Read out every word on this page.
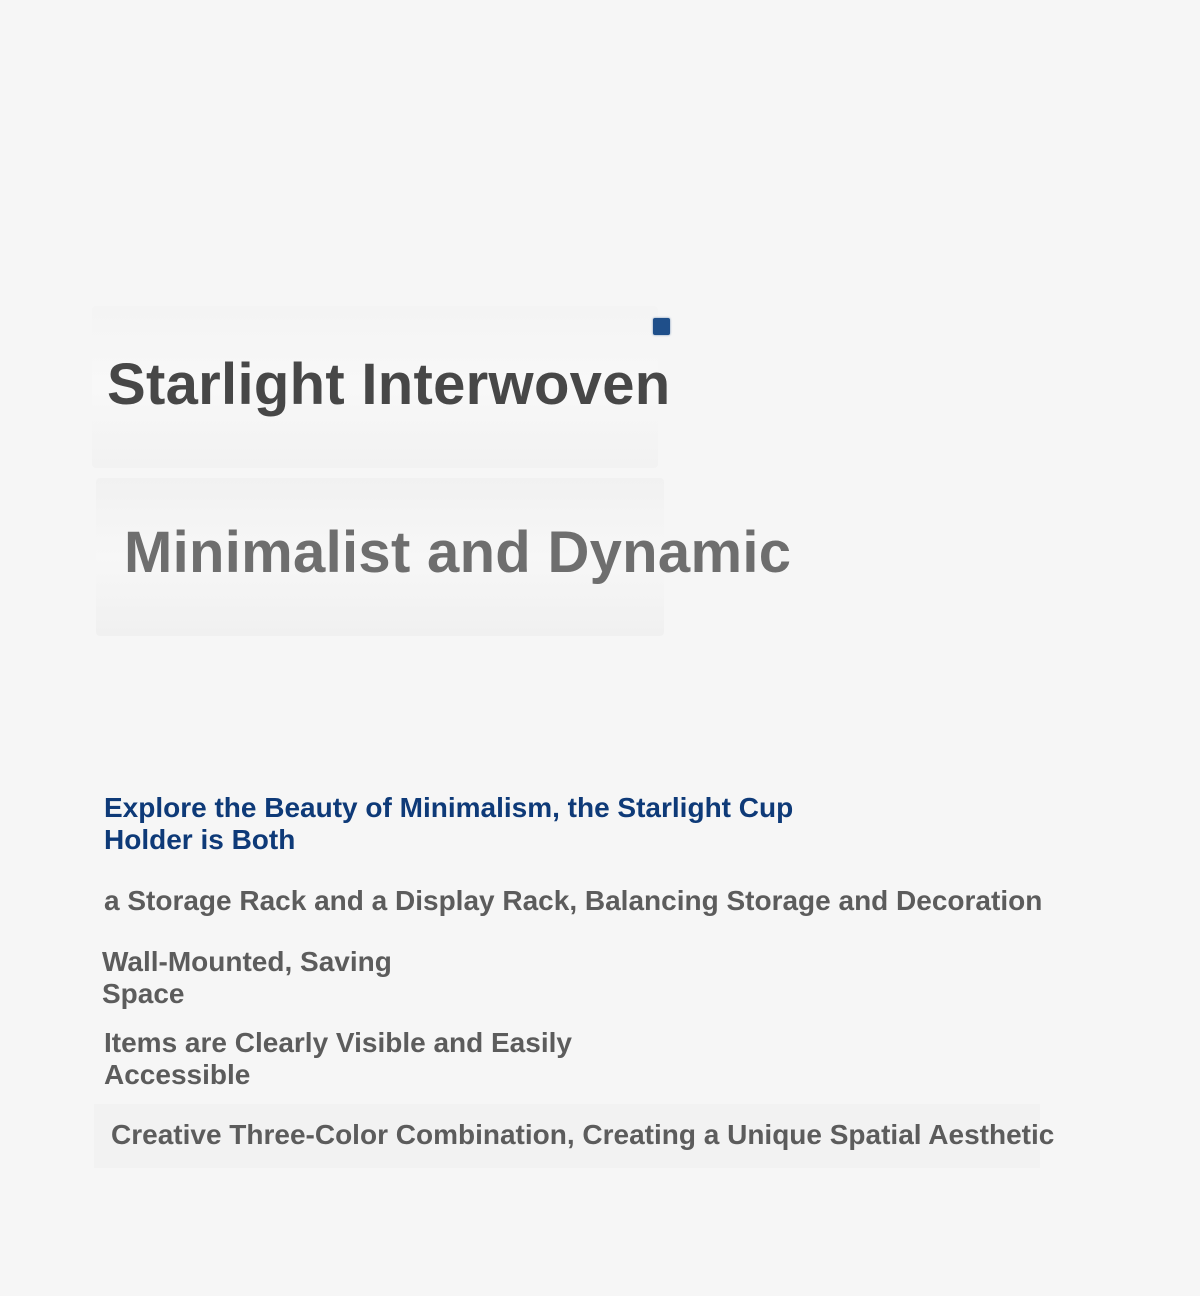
Starlight Interwoven
Minimalist and Dynamic

Explore the Beauty of Minimalism, the Starlight Cup Holder is Both

a Storage Rack and a Display Rack, Balancing Storage and Decoration

Wall-Mounted, Saving Space

Items are Clearly Visible and Easily Accessible

Creative Three-Color Combination, Creating a Unique Spatial Aesthetic
